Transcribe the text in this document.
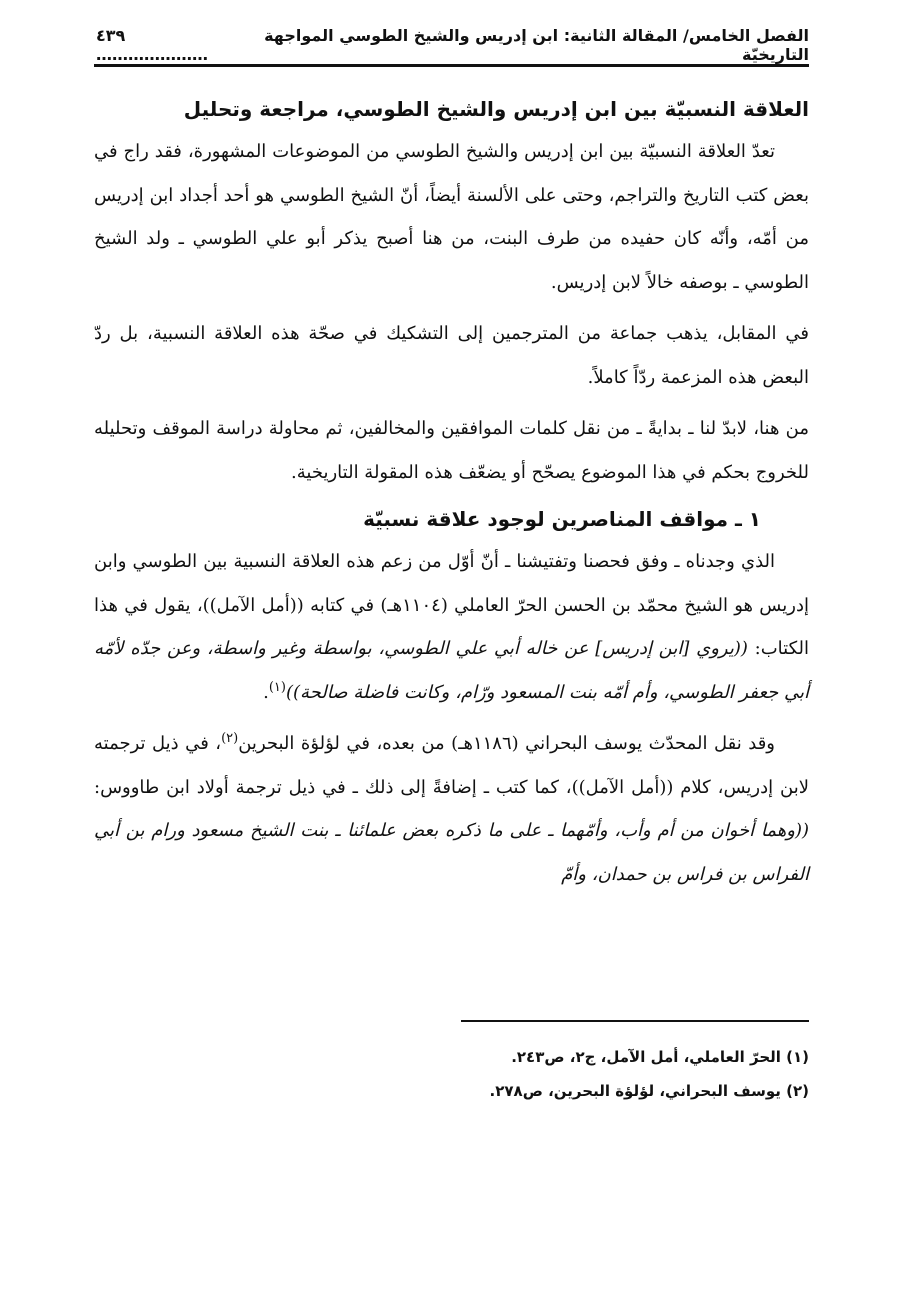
الفصل الخامس/ المقالة الثانية: ابن إدريس والشيخ الطوسي المواجهة التاريخيّة
٤٣٩ …………………
العلاقة النسبيّة بين ابن إدريس والشيخ الطوسي، مراجعة وتحليل

تعدّ العلاقة النسبيّة بين ابن إدريس والشيخ الطوسي من الموضوعات المشهورة، فقد راج في بعض كتب التاريخ والتراجم، وحتى على الألسنة أيضاً، أنّ الشيخ الطوسي هو أحد أجداد ابن إدريس من أمّه، وأنّه كان حفيده من طرف البنت، من هنا أصبح يذكر أبو علي الطوسي ـ ولد الشيخ الطوسي ـ بوصفه خالاً لابن إدريس.

في المقابل، يذهب جماعة من المترجمين إلى التشكيك في صحّة هذه العلاقة النسبية، بل ردّ البعض هذه المزعمة ردّاً كاملاً.

من هنا، لابدّ لنا ـ بدايةً ـ من نقل كلمات الموافقين والمخالفين، ثم محاولة دراسة الموقف وتحليله للخروج بحكم في هذا الموضوع يصحّح أو يضعّف هذه المقولة التاريخية.

١ ـ مواقف المناصرين لوجود علاقة نسبيّة

الذي وجدناه ـ وفق فحصنا وتفتيشنا ـ أنّ أوّل من زعم هذه العلاقة النسبية بين الطوسي وابن إدريس هو الشيخ محمّد بن الحسن الحرّ العاملي (١١٠٤هـ) في كتابه ((أمل الآمل))، يقول في هذا الكتاب: ((يروي [ابن إدريس] عن خاله أبي علي الطوسي، بواسطة وغير واسطة، وعن جدّه لأمّه أبي جعفر الطوسي، وأم أمّه بنت المسعود ورّام، وكانت فاضلة صالحة))$^{(١)}$.

وقد نقل المحدّث يوسف البحراني (١١٨٦هـ) من بعده، في لؤلؤة البحرين$^{(٢)}$، في ذيل ترجمته لابن إدريس، كلام ((أمل الآمل))، كما كتب ـ إضافةً إلى ذلك ـ في ذيل ترجمة أولاد ابن طاووس: ((وهما أخوان من أم وأب، وأمّهما ـ على ما ذكره بعض علمائنا ـ بنت الشيخ مسعود ورام بن أبي الفراس بن فراس بن حمدان، وأمّ

(١) الحرّ العاملي، أمل الآمل، ج٢، ص٢٤٣.

(٢) يوسف البحراني، لؤلؤة البحرين، ص٢٧٨.
